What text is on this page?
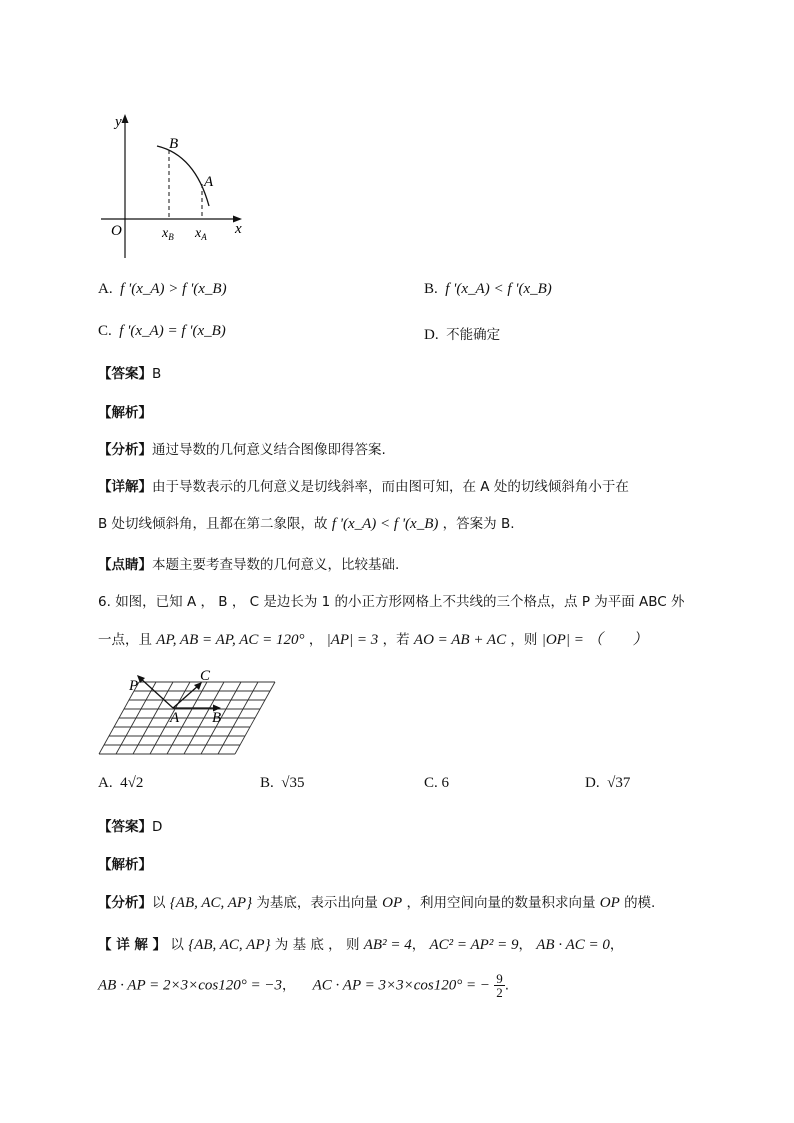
y
x
O
B
A
$x_B$ $x_A$
A. f '(x_A) > f '(x_B)	B. f '(x_A) < f '(x_B)
C. f '(x_A) = f '(x_B)	D. 不能确定
【答案】B
【解析】
【分析】通过导数的几何意义结合图像即得答案.
【详解】由于导数表示的几何意义是切线斜率，而由图可知，在 A 处的切线倾斜角小于在
B 处切线倾斜角，且都在第二象限，故 f '(x_A) < f '(x_B) ，答案为 B.
【点睛】本题主要考查导数的几何意义，比较基础.
6. 如图，已知 A ， B ， C 是边长为 1 的小正方形网格上不共线的三个格点，点 P 为平面 ABC 外
一点，且 AP, AB = AP, AC = 120° ， |AP| = 3 ，若 AO = AB + AC ，则 |OP| = （　　）
P
C
A B
A. 4√2	B. √35	C. 6	D. √37
【答案】D
【解析】
【分析】以 {AB, AC, AP} 为基底，表示出向量 OP ，利用空间向量的数量积求向量 OP 的模.
【 详 解 】 以 {AB, AC, AP} 为 基 底 ， 则 AB² = 4， AC² = AP² = 9， AB · AC = 0，
AB · AP = 2×3×cos120° = −3，    AC · AP = 3×3×cos120° = − $\frac{9}{2}$ .
